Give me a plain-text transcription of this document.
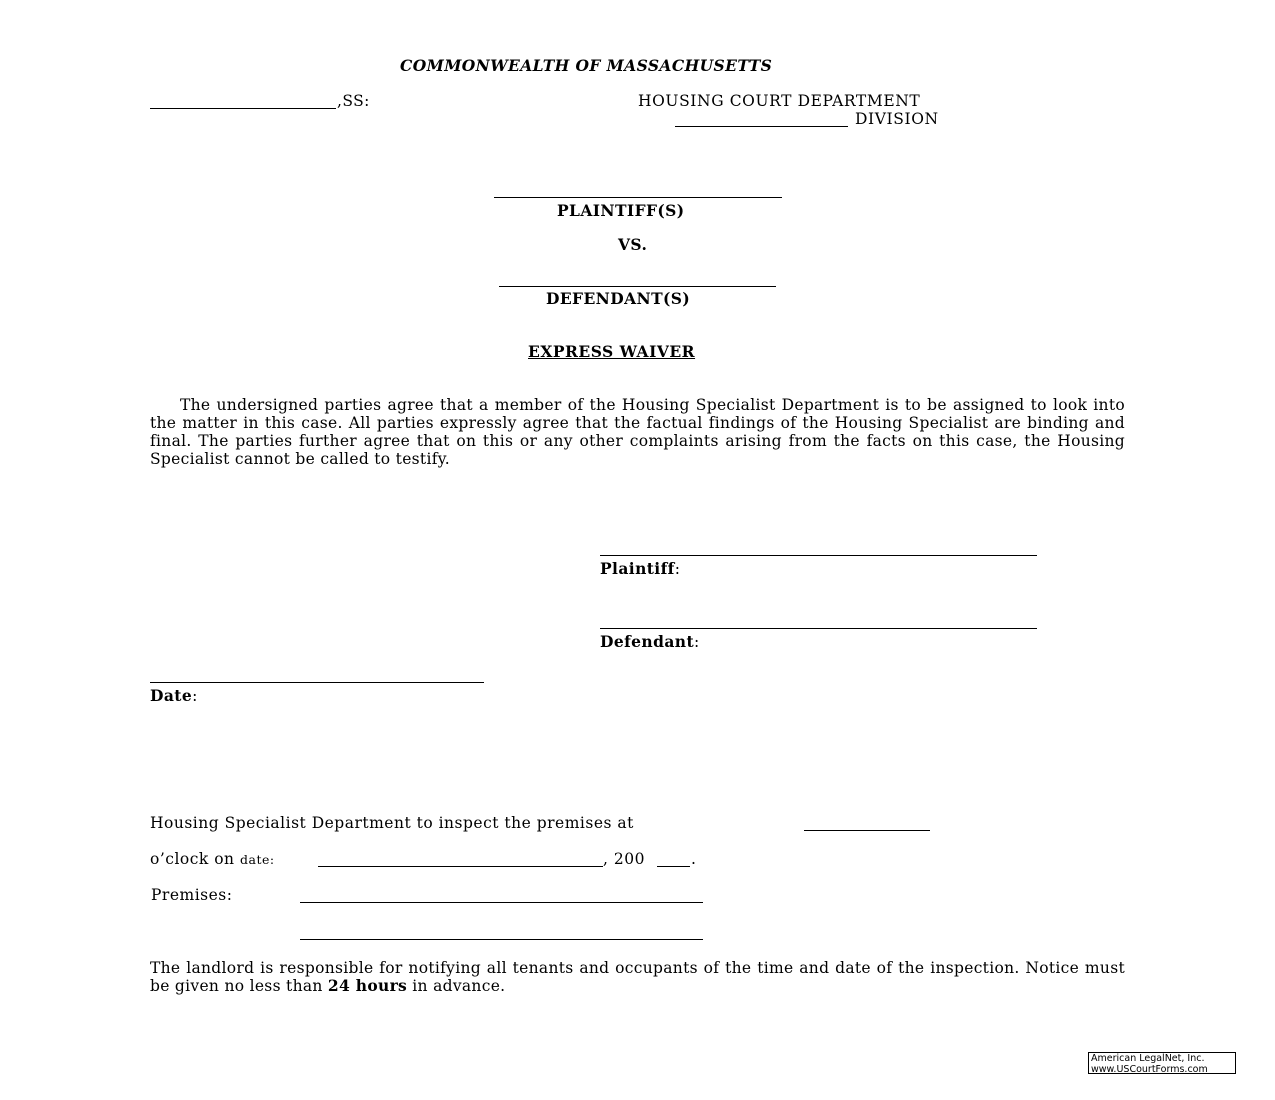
COMMONWEALTH OF MASSACHUSETTS
,SS:	HOUSING COURT DEPARTMENT
DIVISION
PLAINTIFF(S)
VS.
DEFENDANT(S)
EXPRESS WAIVER
The undersigned parties agree that a member of the Housing Specialist Department is to be assigned to look into the matter in this case. All parties expressly agree that the factual findings of the Housing Specialist are binding and final. The parties further agree that on this or any other complaints arising from the facts on this case, the Housing Specialist cannot be called to testify.
Plaintiff:
Defendant:
Date:
Housing Specialist Department to inspect the premises at
o’clock on date:	, 200	.
Premises:
The landlord is responsible for notifying all tenants and occupants of the time and date of the inspection. Notice must be given no less than 24 hours in advance.
American LegalNet, Inc.
www.USCourtForms.com
